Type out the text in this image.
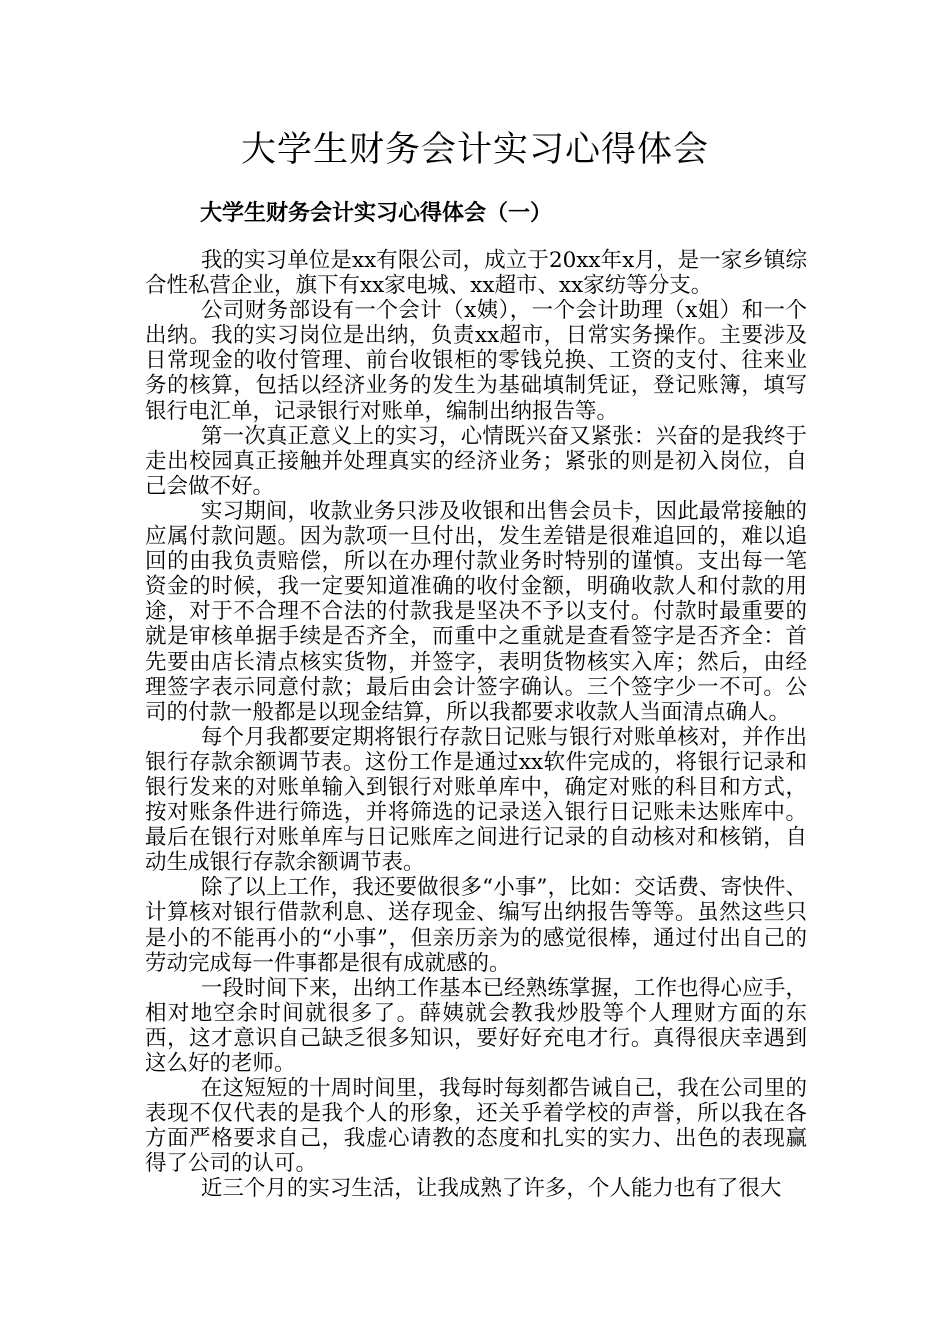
大学生财务会计实习心得体会
大学生财务会计实习心得体会（一）

我的实习单位是xx有限公司，成立于20xx年x月，是一家乡镇综合性私营企业，旗下有xx家电城、xx超市、xx家纺等分支。

公司财务部设有一个会计（x姨），一个会计助理（x姐）和一个出纳。我的实习岗位是出纳，负责xx超市，日常实务操作。主要涉及日常现金的收付管理、前台收银柜的零钱兑换、工资的支付、往来业务的核算，包括以经济业务的发生为基础填制凭证，登记账簿，填写银行电汇单，记录银行对账单，编制出纳报告等。

第一次真正意义上的实习，心情既兴奋又紧张：兴奋的是我终于走出校园真正接触并处理真实的经济业务；紧张的则是初入岗位，自己会做不好。

实习期间，收款业务只涉及收银和出售会员卡，因此最常接触的应属付款问题。因为款项一旦付出，发生差错是很难追回的，难以追回的由我负责赔偿，所以在办理付款业务时特别的谨慎。支出每一笔资金的时候，我一定要知道准确的收付金额，明确收款人和付款的用途，对于不合理不合法的付款我是坚决不予以支付。付款时最重要的就是审核单据手续是否齐全，而重中之重就是查看签字是否齐全：首先要由店长清点核实货物，并签字，表明货物核实入库；然后，由经理签字表示同意付款；最后由会计签字确认。三个签字少一不可。公司的付款一般都是以现金结算，所以我都要求收款人当面清点确人。

每个月我都要定期将银行存款日记账与银行对账单核对，并作出银行存款余额调节表。这份工作是通过xx软件完成的，将银行记录和银行发来的对账单输入到银行对账单库中，确定对账的科目和方式，按对账条件进行筛选，并将筛选的记录送入银行日记账未达账库中。最后在银行对账单库与日记账库之间进行记录的自动核对和核销，自动生成银行存款余额调节表。

除了以上工作，我还要做很多“小事”，比如：交话费、寄快件、计算核对银行借款利息、送存现金、编写出纳报告等等。虽然这些只是小的不能再小的“小事”，但亲历亲为的感觉很棒，通过付出自己的劳动完成每一件事都是很有成就感的。

一段时间下来，出纳工作基本已经熟练掌握，工作也得心应手，相对地空余时间就很多了。薛姨就会教我炒股等个人理财方面的东西，这才意识自己缺乏很多知识，要好好充电才行。真得很庆幸遇到这么好的老师。

在这短短的十周时间里，我每时每刻都告诫自己，我在公司里的表现不仅代表的是我个人的形象，还关乎着学校的声誉，所以我在各方面严格要求自己，我虚心请教的态度和扎实的实力、出色的表现赢得了公司的认可。

近三个月的实习生活，让我成熟了许多，个人能力也有了很大
